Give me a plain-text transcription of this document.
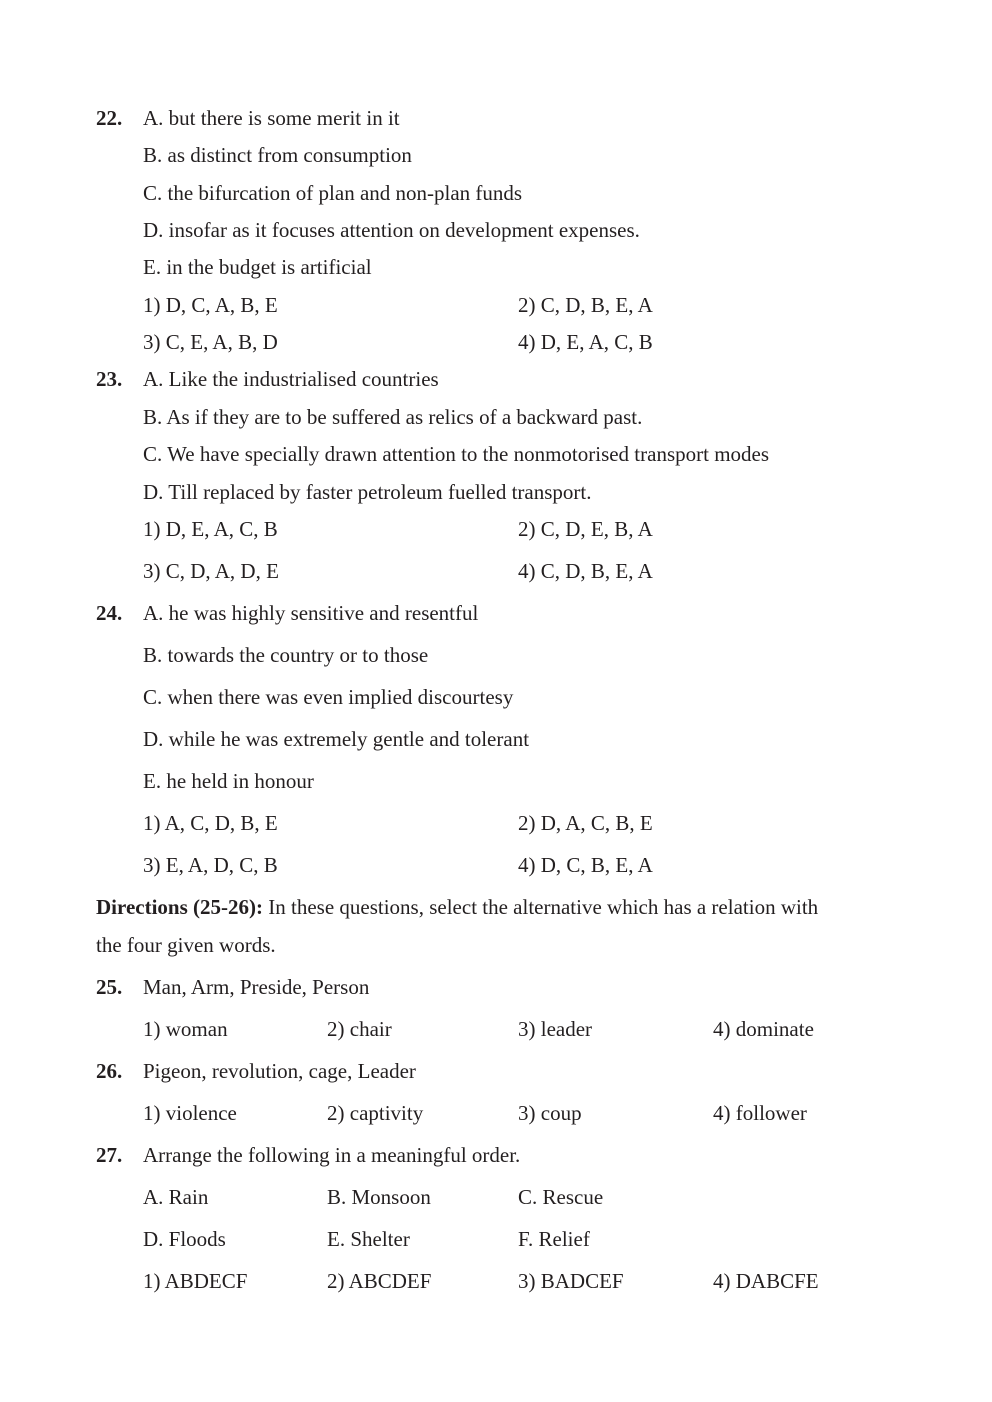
22. A. but there is some merit in it
B. as distinct from consumption
C. the bifurcation of plan and non-plan funds
D. insofar as it focuses attention on development expenses.
E. in the budget is artificial
1) D, C, A, B, E	2) C, D, B, E, A
3) C, E, A, B, D	4) D, E, A, C, B
23. A. Like the industrialised countries
B. As if they are to be suffered as relics of a backward past.
C. We have specially drawn attention to the nonmotorised transport modes
D. Till replaced by faster petroleum fuelled transport.
1) D, E, A, C, B	2) C, D, E, B, A
3) C, D, A, D, E	4) C, D, B, E, A
24. A. he was highly sensitive and resentful
B. towards the country or to those
C. when there was even implied discourtesy
D. while he was extremely gentle and tolerant
E. he held in honour
1) A, C, D, B, E	2) D, A, C, B, E
3) E, A, D, C, B	4) D, C, B, E, A
Directions (25-26): In these questions, select the alternative which has a relation with
the four given words.
25. Man, Arm, Preside, Person
1) woman	2) chair	3) leader	4) dominate
26. Pigeon, revolution, cage, Leader
1) violence	2) captivity	3) coup	4) follower
27. Arrange the following in a meaningful order.
A. Rain	B. Monsoon	C. Rescue
D. Floods	E. Shelter	F. Relief
1) ABDECF	2) ABCDEF	3) BADCEF	4) DABCFE
